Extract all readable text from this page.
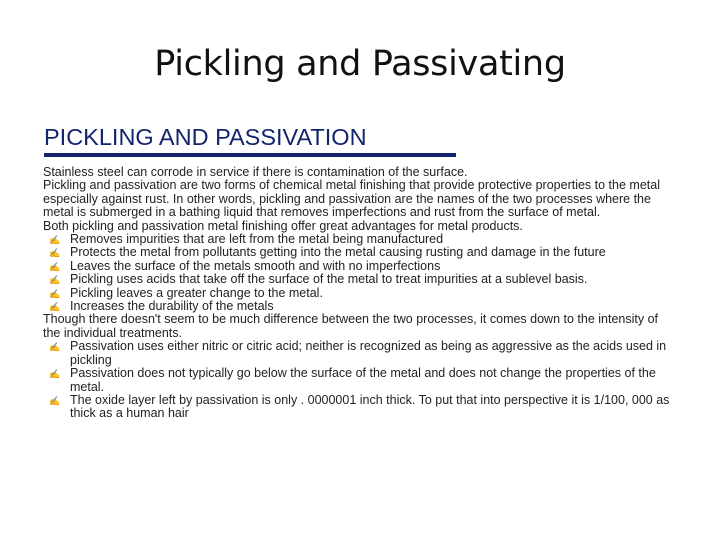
Pickling and Passivating
PICKLING AND PASSIVATION

Stainless steel can corrode in service if there is contamination of the surface.

Pickling and passivation are two forms of chemical metal finishing that provide protective properties to the metal especially against rust. In other words, pickling and passivation are the names of the two processes where the metal is submerged in a bathing liquid that removes imperfections and rust from the surface of metal.

Both pickling and passivation metal finishing offer great advantages for metal products.

✍ Removes impurities that are left from the metal being manufactured
✍ Protects the metal from pollutants getting into the metal causing rusting and damage in the future
✍ Leaves the surface of the metals smooth and with no imperfections
✍ Pickling uses acids that take off the surface of the metal to treat impurities at a sublevel basis.
✍ Pickling leaves a greater change to the metal.
✍ Increases the durability of the metals

Though there doesn't seem to be much difference between the two processes, it comes down to the intensity of the individual treatments.

✍ Passivation uses either nitric or citric acid; neither is recognized as being as aggressive as the acids used in pickling
✍ Passivation does not typically go below the surface of the metal and does not change the properties of the metal.
✍ The oxide layer left by passivation is only . 0000001 inch thick. To put that into perspective it is 1/100, 000 as thick as a human hair
